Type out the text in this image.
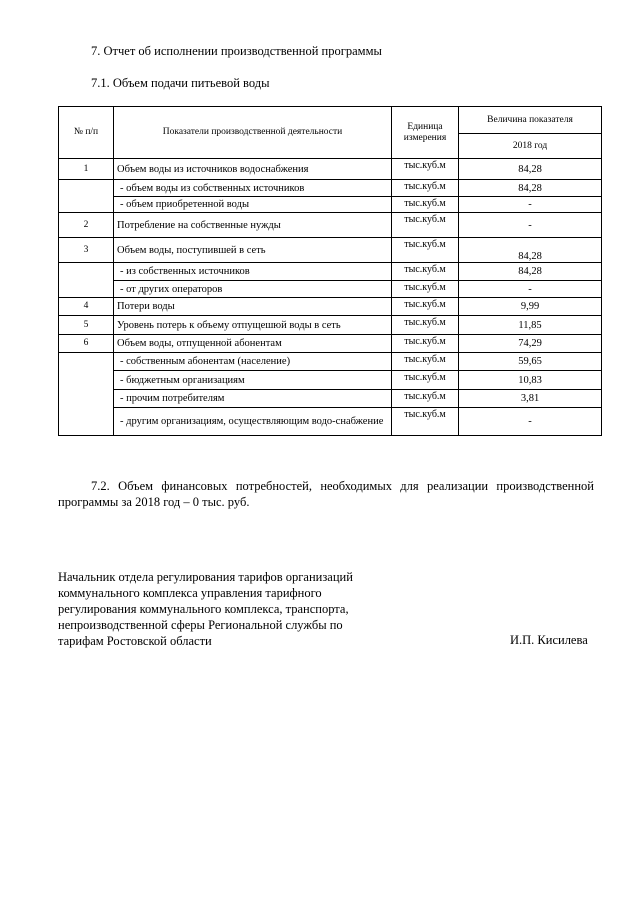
7. Отчет об исполнении производственной программы
7.1. Объем подачи питьевой воды
№ п/п	Показатели производственной деятельности	Единица измерения	Величина показателя
			2018 год
1	Объем воды из источников водоснабжения	тыс.куб.м	84,28
	- объем воды из собственных источников	тыс.куб.м	84,28
	- объем приобретенной воды	тыс.куб.м	-
2	Потребление на собственные нужды	тыс.куб.м	-
3	Объем воды, поступившей в сеть	тыс.куб.м	84,28
	- из собственных источников	тыс.куб.м	84,28
	- от других операторов	тыс.куб.м	-
4	Потери воды	тыс.куб.м	9,99
5	Уровень потерь к объему отпущешюй воды в сеть	тыс.куб.м	11,85
6	Объем воды, отпущенной абонентам	тыс.куб.м	74,29
	- собственным абонентам (население)	тыс.куб.м	59,65
	- бюджетным организациям	тыс.куб.м	10,83
	- прочим потребителям	тыс.куб.м	3,81
	- другим организациям, осуществляющим водо-снабжение	тыс.куб.м	-
7.2. Объем финансовых потребностей, необходимых для реализации производственной программы за 2018 год – 0 тыс. руб.
Начальник отдела регулирования тарифов организаций
коммунального комплекса управления тарифного
регулирования коммунального комплекса, транспорта,
непроизводственной сферы Региональной службы по
тарифам Ростовской области	И.П. Кисилева
